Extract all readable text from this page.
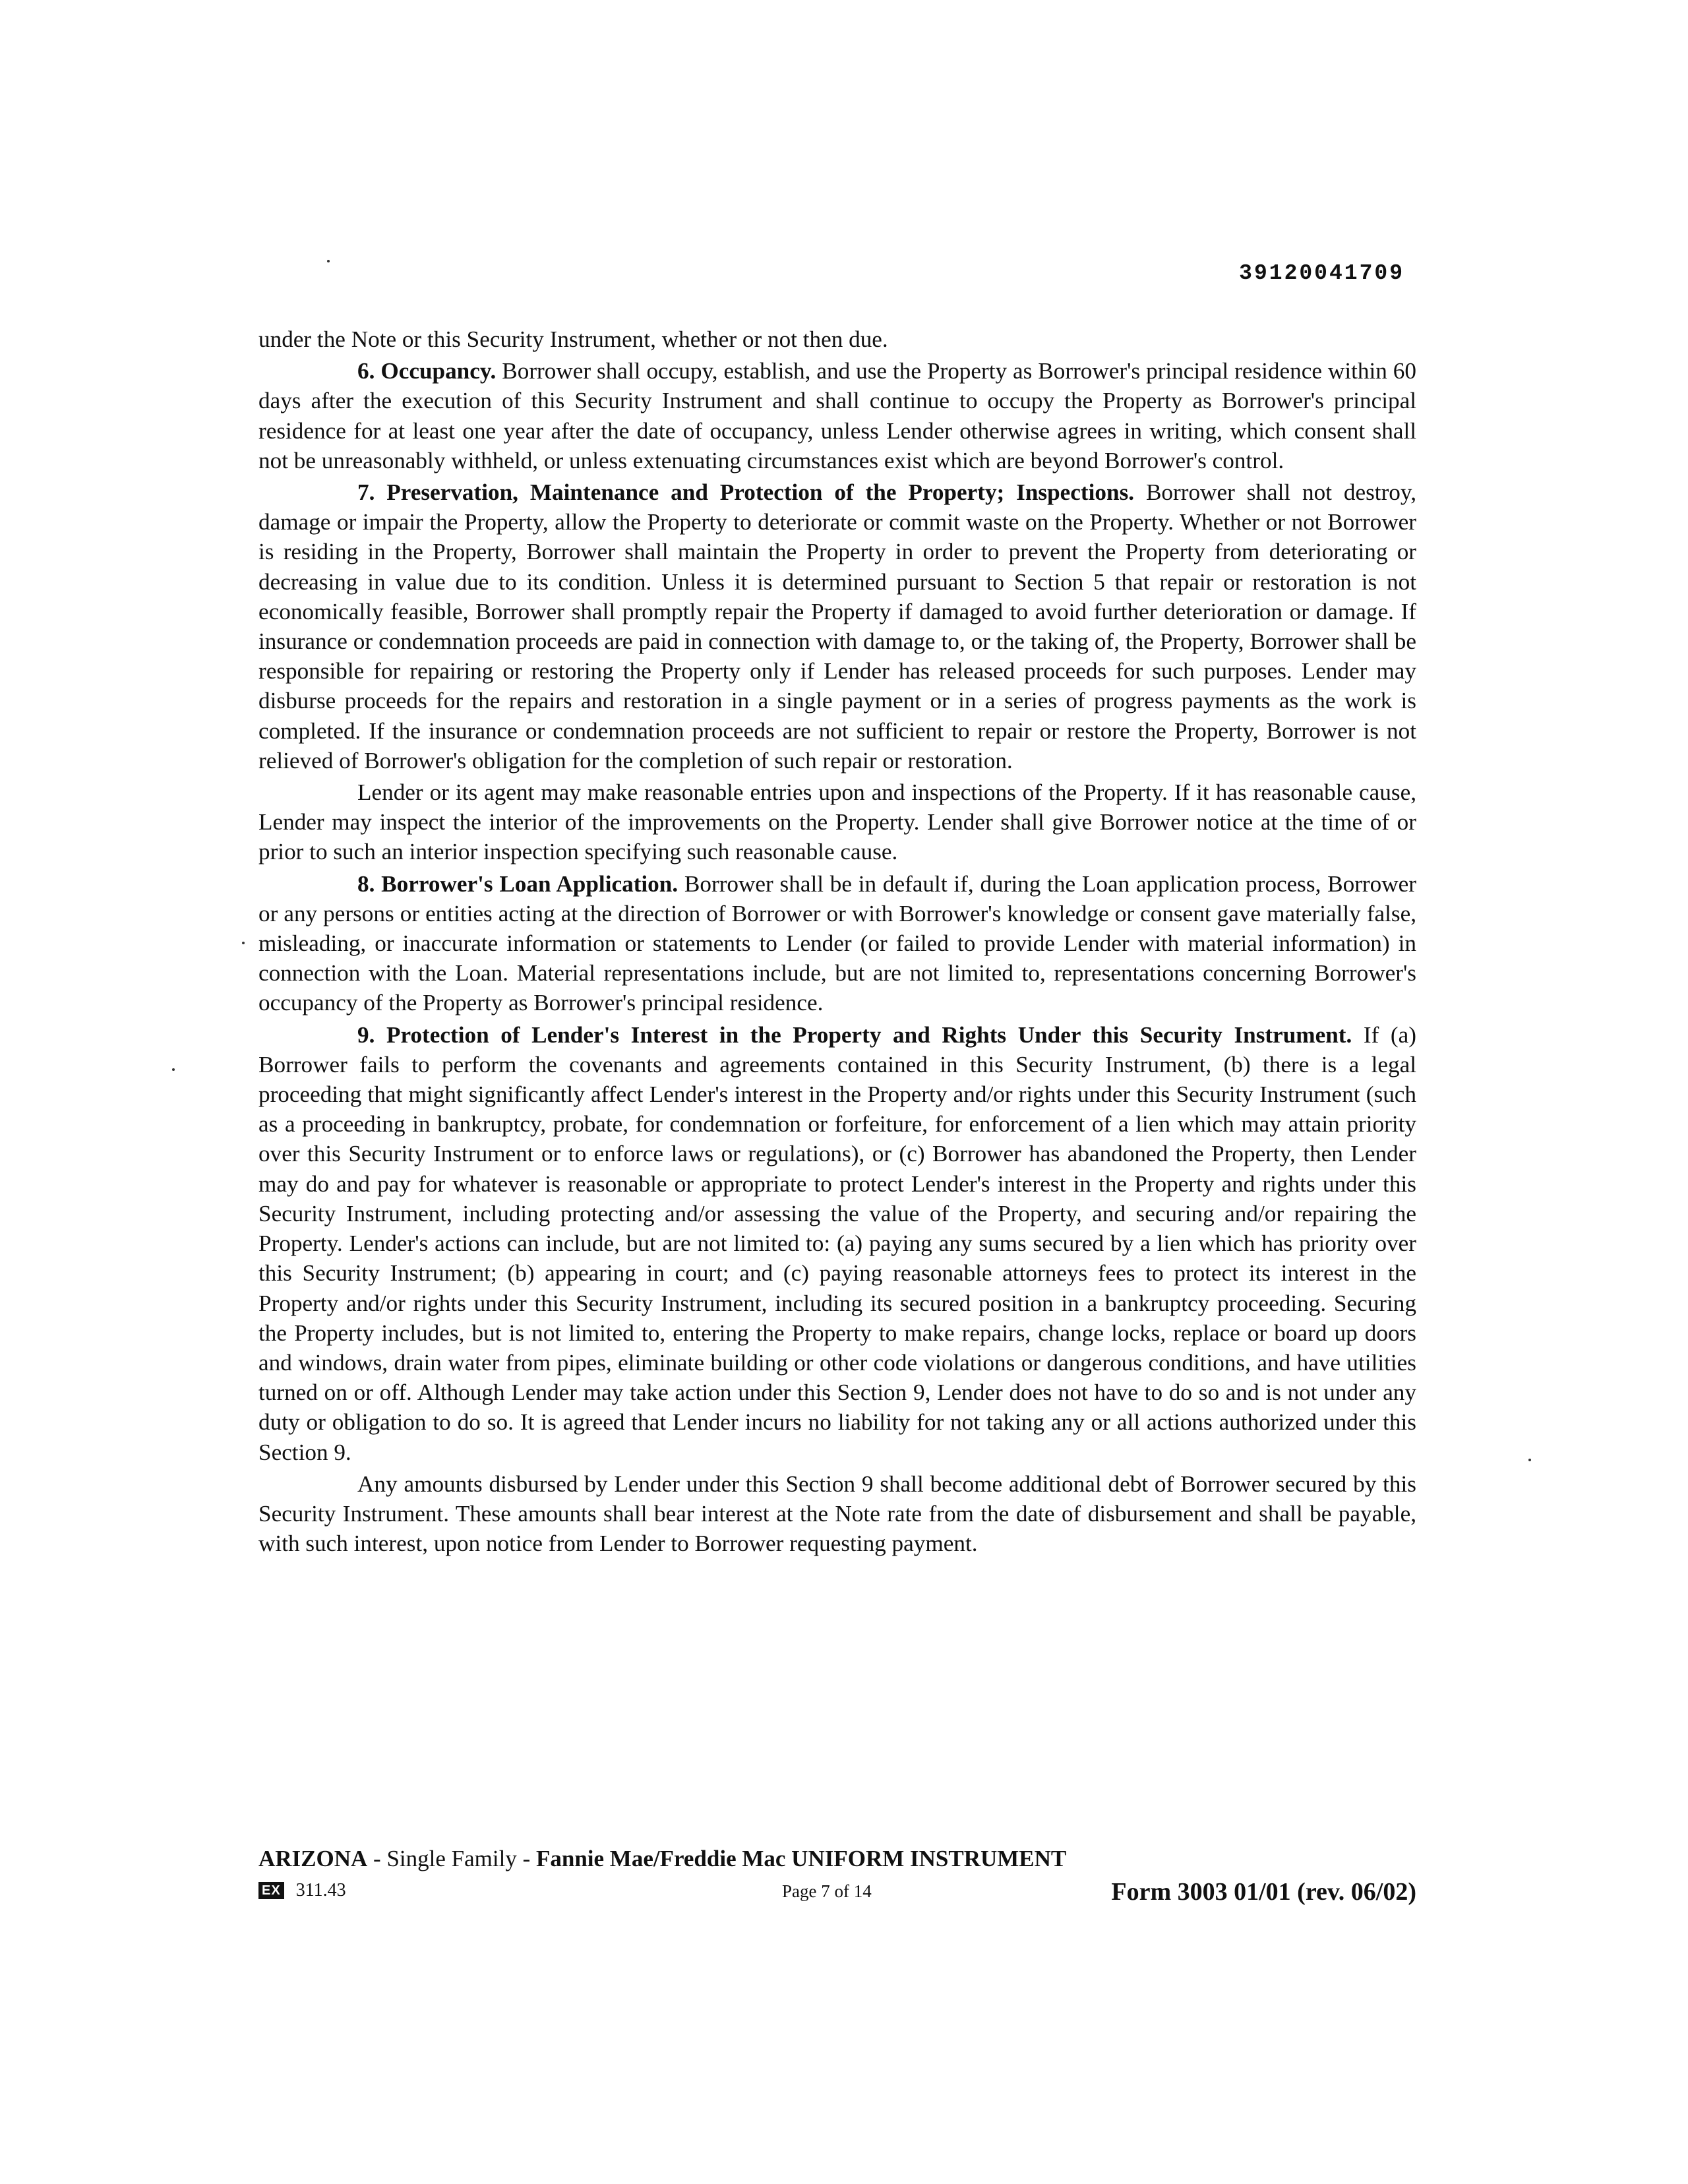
39120041709

under the Note or this Security Instrument, whether or not then due.

6. Occupancy. Borrower shall occupy, establish, and use the Property as Borrower's principal residence within 60 days after the execution of this Security Instrument and shall continue to occupy the Property as Borrower's principal residence for at least one year after the date of occupancy, unless Lender otherwise agrees in writing, which consent shall not be unreasonably withheld, or unless extenuating circumstances exist which are beyond Borrower's control.

7. Preservation, Maintenance and Protection of the Property; Inspections. Borrower shall not destroy, damage or impair the Property, allow the Property to deteriorate or commit waste on the Property. Whether or not Borrower is residing in the Property, Borrower shall maintain the Property in order to prevent the Property from deteriorating or decreasing in value due to its condition. Unless it is determined pursuant to Section 5 that repair or restoration is not economically feasible, Borrower shall promptly repair the Property if damaged to avoid further deterioration or damage. If insurance or condemnation proceeds are paid in connection with damage to, or the taking of, the Property, Borrower shall be responsible for repairing or restoring the Property only if Lender has released proceeds for such purposes. Lender may disburse proceeds for the repairs and restoration in a single payment or in a series of progress payments as the work is completed. If the insurance or condemnation proceeds are not sufficient to repair or restore the Property, Borrower is not relieved of Borrower's obligation for the completion of such repair or restoration.

Lender or its agent may make reasonable entries upon and inspections of the Property. If it has reasonable cause, Lender may inspect the interior of the improvements on the Property. Lender shall give Borrower notice at the time of or prior to such an interior inspection specifying such reasonable cause.

8. Borrower's Loan Application. Borrower shall be in default if, during the Loan application process, Borrower or any persons or entities acting at the direction of Borrower or with Borrower's knowledge or consent gave materially false, misleading, or inaccurate information or statements to Lender (or failed to provide Lender with material information) in connection with the Loan. Material representations include, but are not limited to, representations concerning Borrower's occupancy of the Property as Borrower's principal residence.

9. Protection of Lender's Interest in the Property and Rights Under this Security Instrument. If (a) Borrower fails to perform the covenants and agreements contained in this Security Instrument, (b) there is a legal proceeding that might significantly affect Lender's interest in the Property and/or rights under this Security Instrument (such as a proceeding in bankruptcy, probate, for condemnation or forfeiture, for enforcement of a lien which may attain priority over this Security Instrument or to enforce laws or regulations), or (c) Borrower has abandoned the Property, then Lender may do and pay for whatever is reasonable or appropriate to protect Lender's interest in the Property and rights under this Security Instrument, including protecting and/or assessing the value of the Property, and securing and/or repairing the Property. Lender's actions can include, but are not limited to: (a) paying any sums secured by a lien which has priority over this Security Instrument; (b) appearing in court; and (c) paying reasonable attorneys fees to protect its interest in the Property and/or rights under this Security Instrument, including its secured position in a bankruptcy proceeding. Securing the Property includes, but is not limited to, entering the Property to make repairs, change locks, replace or board up doors and windows, drain water from pipes, eliminate building or other code violations or dangerous conditions, and have utilities turned on or off. Although Lender may take action under this Section 9, Lender does not have to do so and is not under any duty or obligation to do so. It is agreed that Lender incurs no liability for not taking any or all actions authorized under this Section 9.

Any amounts disbursed by Lender under this Section 9 shall become additional debt of Borrower secured by this Security Instrument. These amounts shall bear interest at the Note rate from the date of disbursement and shall be payable, with such interest, upon notice from Lender to Borrower requesting payment.

ARIZONA - Single Family - Fannie Mae/Freddie Mac UNIFORM INSTRUMENT
EX 311.43	Page 7 of 14	Form 3003 01/01 (rev. 06/02)
